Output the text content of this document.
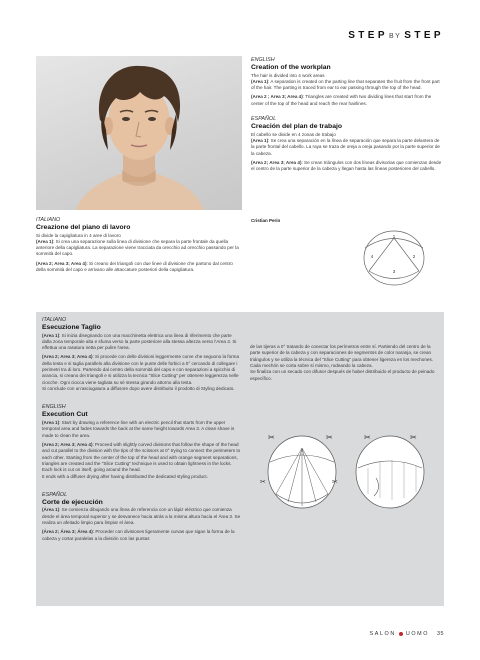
STEP BY STEP
ENGLISH
Creation of the workplan
The hair is divided into 4 work areas
(Area 1): A separation is created on the parting line that separates the fruit from the front part of the hair. The parting is traced from ear to ear passing through the top of the head.
(Area 2 ; Area 3; Area 4): Triangles are created with two dividing lines that start from the center of the top of the head and reach the rear hairlines.
ESPAÑOL
Creación del plan de trabajo
El cabello se divide en 4 zonas de trabajo
(Area 1): Se crea una separación en la línea de separación que separa la parte delantera de la parte frontal del cabello. La raya se traza de oreja a oreja pasando por la parte superior de la cabeza.
(Area 2; Area 3; Area 4): Se crean triángulos con dos líneas divisorias que comienzan desde el centro de la parte superior de la cabeza y llegan hasta las líneas posteriores del cabello.
ITALIANO
Creazione del piano di lavoro
Si divide la capigliatura in 4 aree di lavoro
(Area 1): Si crea una separazione sulla linea di divisione che separa la parte frontale da quella anteriore della capigliatura. La separazione viene tracciata da orecchio ad orecchio passando per la sommità del capo.
(Area 2; Area 3; Area 4): Si creano dei triangoli con due linee di divisione che partono dal centro della sommità del capo e arrivano alle attaccature posteriori della capigliatura.
Cristian Perin
1
4	2
3
ITALIANO
Esecuzione Taglio
(Area 1): Si inizia disegnando con una macchinetta elettrica una linea di riferimento che parte dalla zona temporale alta e sfuma verso la parte posteriore alla stessa altezza verso l'Area 3. Si effettua una rasatura netta per pulire l'area.
(Area 2; Area 3; Area 4): Si procede con delle divisioni leggermente curve che seguono la forma della testa e si taglia parallelo alla divisione con le punte delle forbici a 0° cercando di collegare i perimetri tra di loro. Partendo dal centro della sommità del capo e con separazioni a spicchio di arancia, si creano dei triangoli e si utilizza la tecnica "Slice Cutting" per ottenere leggerezza nelle ciocche. Ogni ciocca viene tagliata su sé stessa girando attorno alla testa.
Si conclude con un'asciugatura a diffusore dopo avere distribuito il prodotto di Styling dedicato.
ENGLISH
Execution Cut
(Area 1): Start by drawing a reference line with an electric pencil that starts from the upper temporal area and fades towards the back at the same height towards Area 3. A clean shave is made to clean the area.
(Area 2; Area 3; Area 4): Proceed with slightly curved divisions that follow the shape of the head and cut parallel to the division with the tips of the scissors at 0° trying to connect the perimeters to each other. Starting from the center of the top of the head and with orange segment separations, triangles are created and the "Slice Cutting" technique is used to obtain lightness in the locks. Each lock is cut on itself, going around the head.
It ends with a diffuser drying after having distributed the dedicated styling product.
ESPAÑOL
Corte de ejecución
(Área 1): Se comienza dibujando una línea de referencia con un lápiz eléctrico que comienza desde el área temporal superior y se desvanece hacia atrás a la misma altura hacia el Área 3. Se realiza un afeitado limpio para limpiar el área.
(Área 2; Área 3; Área 4): Proceder con divisiones ligeramente curvas que sigan la forma de la cabeza y cortar paralelas a la división con las puntas
de las tijeras a 0° tratando de conectar los perímetros entre sí. Partiendo del centro de la parte superior de la cabeza y con separaciones de segmentos de color naranja, se crean triángulos y se utiliza la técnica del "Slice Cutting" para obtener ligereza en los mechones. Cada mechón se corta sobre sí mismo, rodeando la cabeza.
Se finaliza con un secado con difusor después de haber distribuido el producto de peinado específico.
✂	✂
✂	✂
✂	✂
SALON UOMO 35
